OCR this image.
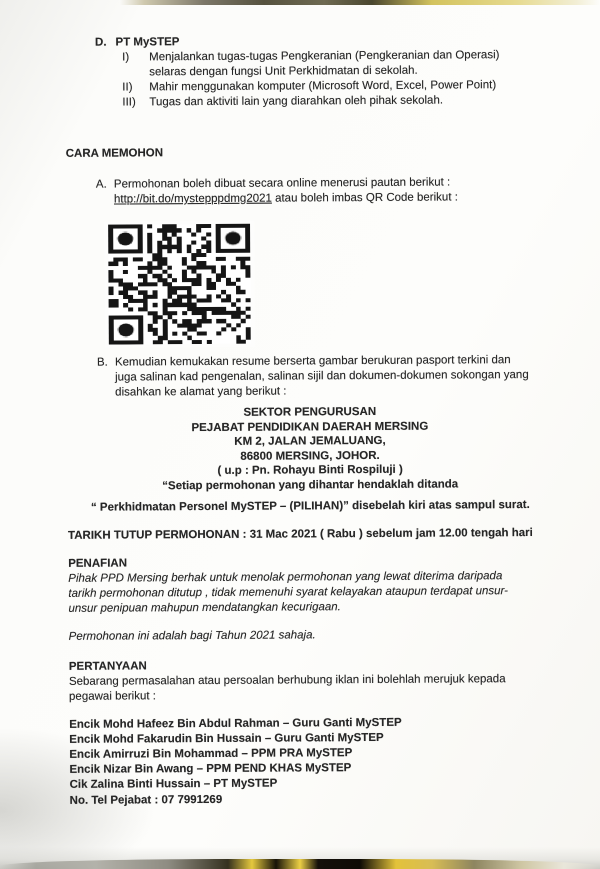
D. PT MySTEP
I)	Menjalankan tugas-tugas Pengkeranian (Pengkeranian dan Operasi) selaras dengan fungsi Unit Perkhidmatan di sekolah.
II)	Mahir menggunakan komputer (Microsoft Word, Excel, Power Point)
III)	Tugas dan aktiviti lain yang diarahkan oleh pihak sekolah.
CARA MEMOHON
A. Permohonan boleh dibuat secara online menerusi pautan berikut :
http://bit.do/mystepppdmg2021 atau boleh imbas QR Code berikut :
B. Kemudian kemukakan resume berserta gambar berukuran pasport terkini dan juga salinan kad pengenalan, salinan sijil dan dokumen-dokumen sokongan yang disahkan ke alamat yang berikut :
SEKTOR PENGURUSAN
PEJABAT PENDIDIKAN DAERAH MERSING
KM 2, JALAN JEMALUANG,
86800 MERSING, JOHOR.
( u.p : Pn. Rohayu Binti Rospiluji )
“Setiap permohonan yang dihantar hendaklah ditanda
“ Perkhidmatan Personel MySTEP – (PILIHAN)” disebelah kiri atas sampul surat.
TARIKH TUTUP PERMOHONAN : 31 Mac 2021 ( Rabu ) sebelum jam 12.00 tengah hari
PENAFIAN
Pihak PPD Mersing berhak untuk menolak permohonan yang lewat diterima daripada tarikh permohonan ditutup , tidak memenuhi syarat kelayakan ataupun terdapat unsur-unsur penipuan mahupun mendatangkan kecurigaan.
Permohonan ini adalah bagi Tahun 2021 sahaja.
PERTANYAAN
Sebarang permasalahan atau persoalan berhubung iklan ini bolehlah merujuk kepada pegawai berikut :
Encik Mohd Hafeez Bin Abdul Rahman – Guru Ganti MySTEP
Encik Mohd Fakarudin Bin Hussain – Guru Ganti MySTEP
Encik Amirruzi Bin Mohammad – PPM PRA MySTEP
Encik Nizar Bin Awang – PPM PEND KHAS MySTEP
Cik Zalina Binti Hussain – PT MySTEP
No. Tel Pejabat : 07 7991269
